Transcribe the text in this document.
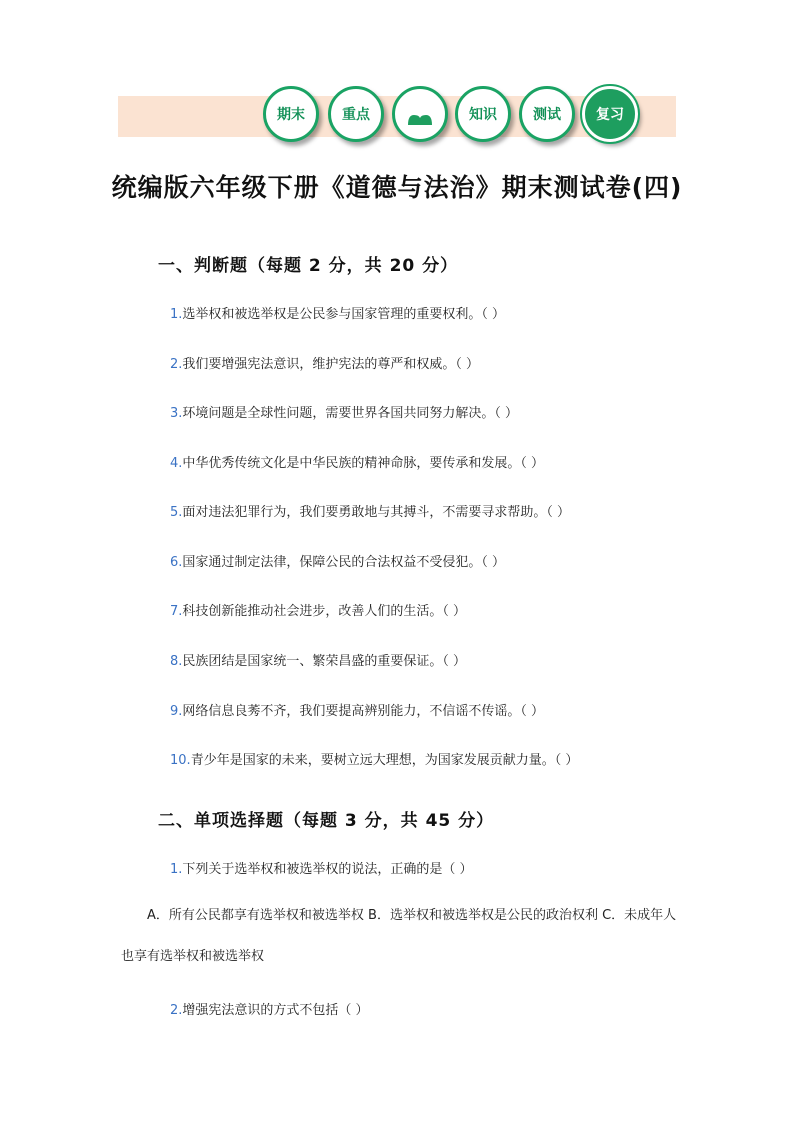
期末	重点	知识	测试	复习
统编版六年级下册《道德与法治》期末测试卷(四)
一、判断题（每题 2 分，共 20 分）
1.选举权和被选举权是公民参与国家管理的重要权利。（ ）
2.我们要增强宪法意识，维护宪法的尊严和权威。（ ）
3.环境问题是全球性问题，需要世界各国共同努力解决。（ ）
4.中华优秀传统文化是中华民族的精神命脉，要传承和发展。（ ）
5.面对违法犯罪行为，我们要勇敢地与其搏斗，不需要寻求帮助。（ ）
6.国家通过制定法律，保障公民的合法权益不受侵犯。（ ）
7.科技创新能推动社会进步，改善人们的生活。（ ）
8.民族团结是国家统一、繁荣昌盛的重要保证。（ ）
9.网络信息良莠不齐，我们要提高辨别能力，不信谣不传谣。（ ）
10.青少年是国家的未来，要树立远大理想，为国家发展贡献力量。（ ）
二、单项选择题（每题 3 分，共 45 分）
1.下列关于选举权和被选举权的说法，正确的是（ ）
A．所有公民都享有选举权和被选举权 B．选举权和被选举权是公民的政治权利 C．未成年人也享有选举权和被选举权
2.增强宪法意识的方式不包括（ ）
